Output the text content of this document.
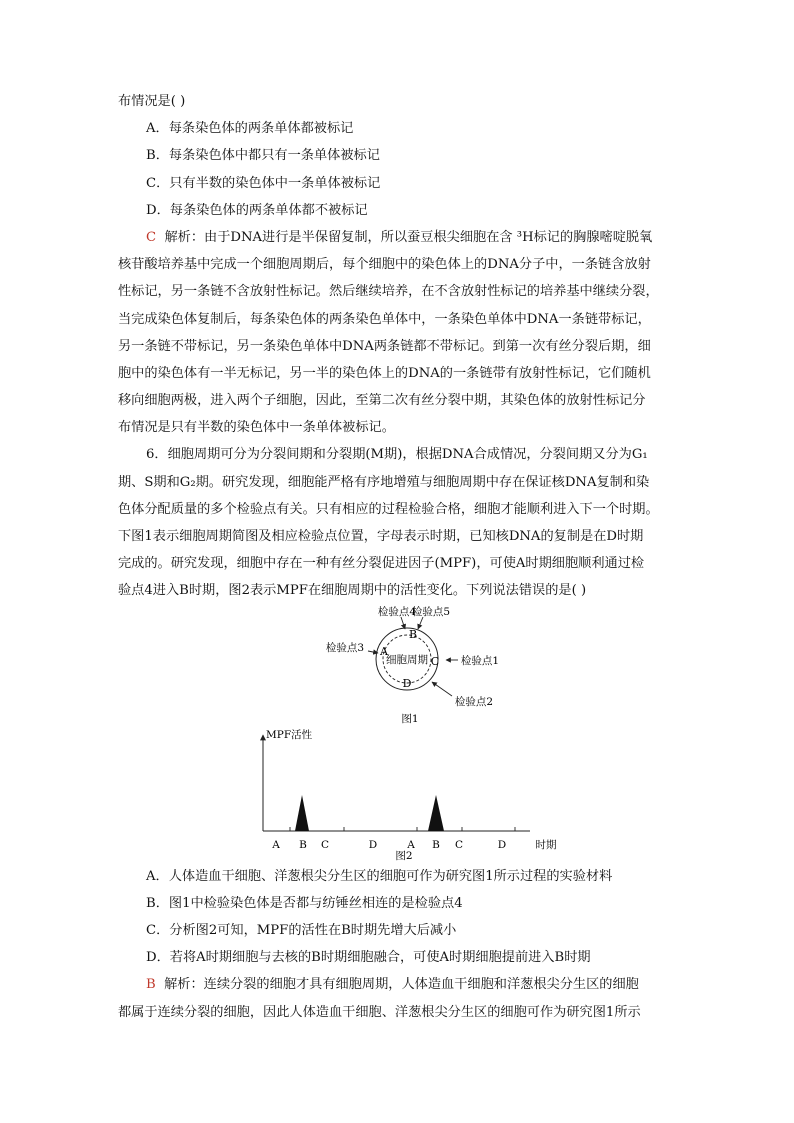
布情况是( )
A．每条染色体的两条单体都被标记
B．每条染色体中都只有一条单体被标记
C．只有半数的染色体中一条单体被标记
D．每条染色体的两条单体都不被标记
C 解析：由于DNA进行是半保留复制，所以蚕豆根尖细胞在含 ³H标记的胸腺嘧啶脱氧
核苷酸培养基中完成一个细胞周期后，每个细胞中的染色体上的DNA分子中，一条链含放射
性标记，另一条链不含放射性标记。然后继续培养，在不含放射性标记的培养基中继续分裂，
当完成染色体复制后，每条染色体的两条染色单体中，一条染色单体中DNA一条链带标记，
另一条链不带标记，另一条染色单体中DNA两条链都不带标记。到第一次有丝分裂后期，细
胞中的染色体有一半无标记，另一半的染色体上的DNA的一条链带有放射性标记，它们随机
移向细胞两极，进入两个子细胞，因此，至第二次有丝分裂中期，其染色体的放射性标记分
布情况是只有半数的染色体中一条单体被标记。
6．细胞周期可分为分裂间期和分裂期(M期)，根据DNA合成情况，分裂间期又分为G₁
期、S期和G₂期。研究发现，细胞能严格有序地增殖与细胞周期中存在保证核DNA复制和染
色体分配质量的多个检验点有关。只有相应的过程检验合格，细胞才能顺利进入下一个时期。
下图1表示细胞周期简图及相应检验点位置，字母表示时期，已知核DNA的复制是在D时期
完成的。研究发现，细胞中存在一种有丝分裂促进因子(MPF)，可使A时期细胞顺利通过检
验点4进入B时期，图2表示MPF在细胞周期中的活性变化。下列说法错误的是( )
B
A
C
D
细胞周期
检验点4
检验点5
检验点3
检验点1
检验点2
图1
MPF活性
A B C	D	A B C	D	时期
图2
A．人体造血干细胞、洋葱根尖分生区的细胞可作为研究图1所示过程的实验材料
B．图1中检验染色体是否都与纺锤丝相连的是检验点4
C．分析图2可知，MPF的活性在B时期先增大后减小
D．若将A时期细胞与去核的B时期细胞融合，可使A时期细胞提前进入B时期
B 解析：连续分裂的细胞才具有细胞周期，人体造血干细胞和洋葱根尖分生区的细胞
都属于连续分裂的细胞，因此人体造血干细胞、洋葱根尖分生区的细胞可作为研究图1所示
